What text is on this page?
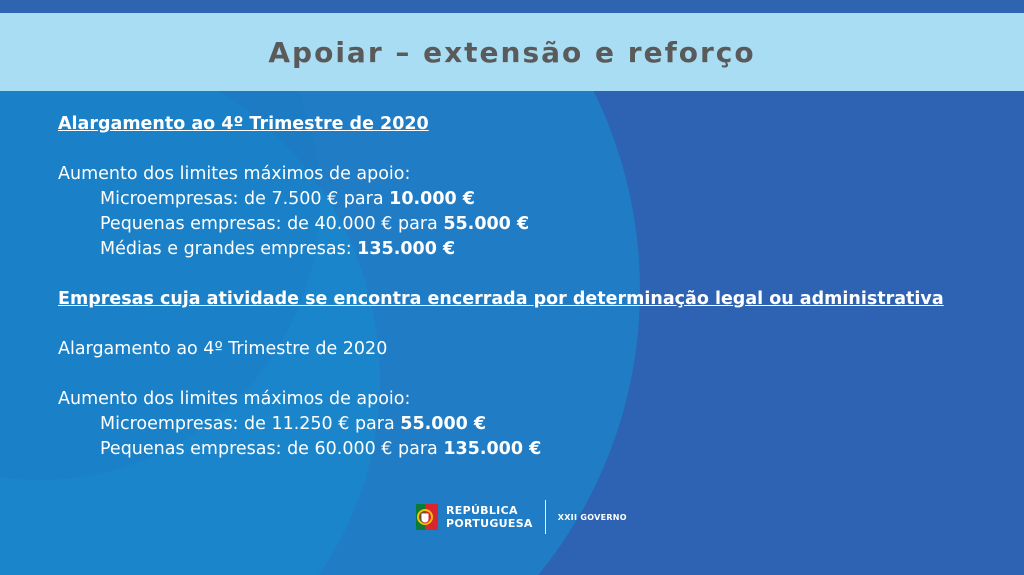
Apoiar – extensão e reforço
Alargamento ao 4º Trimestre de 2020
Aumento dos limites máximos de apoio:
Microempresas: de 7.500 € para 10.000 €
Pequenas empresas: de 40.000 € para 55.000 €
Médias e grandes empresas: 135.000 €
Empresas cuja atividade se encontra encerrada por determinação legal ou administrativa
Alargamento ao 4º Trimestre de 2020
Aumento dos limites máximos de apoio:
Microempresas: de 11.250 € para 55.000 €
Pequenas empresas: de 60.000 € para 135.000 €
REPÚBLICA
PORTUGUESA	XXII GOVERNO
